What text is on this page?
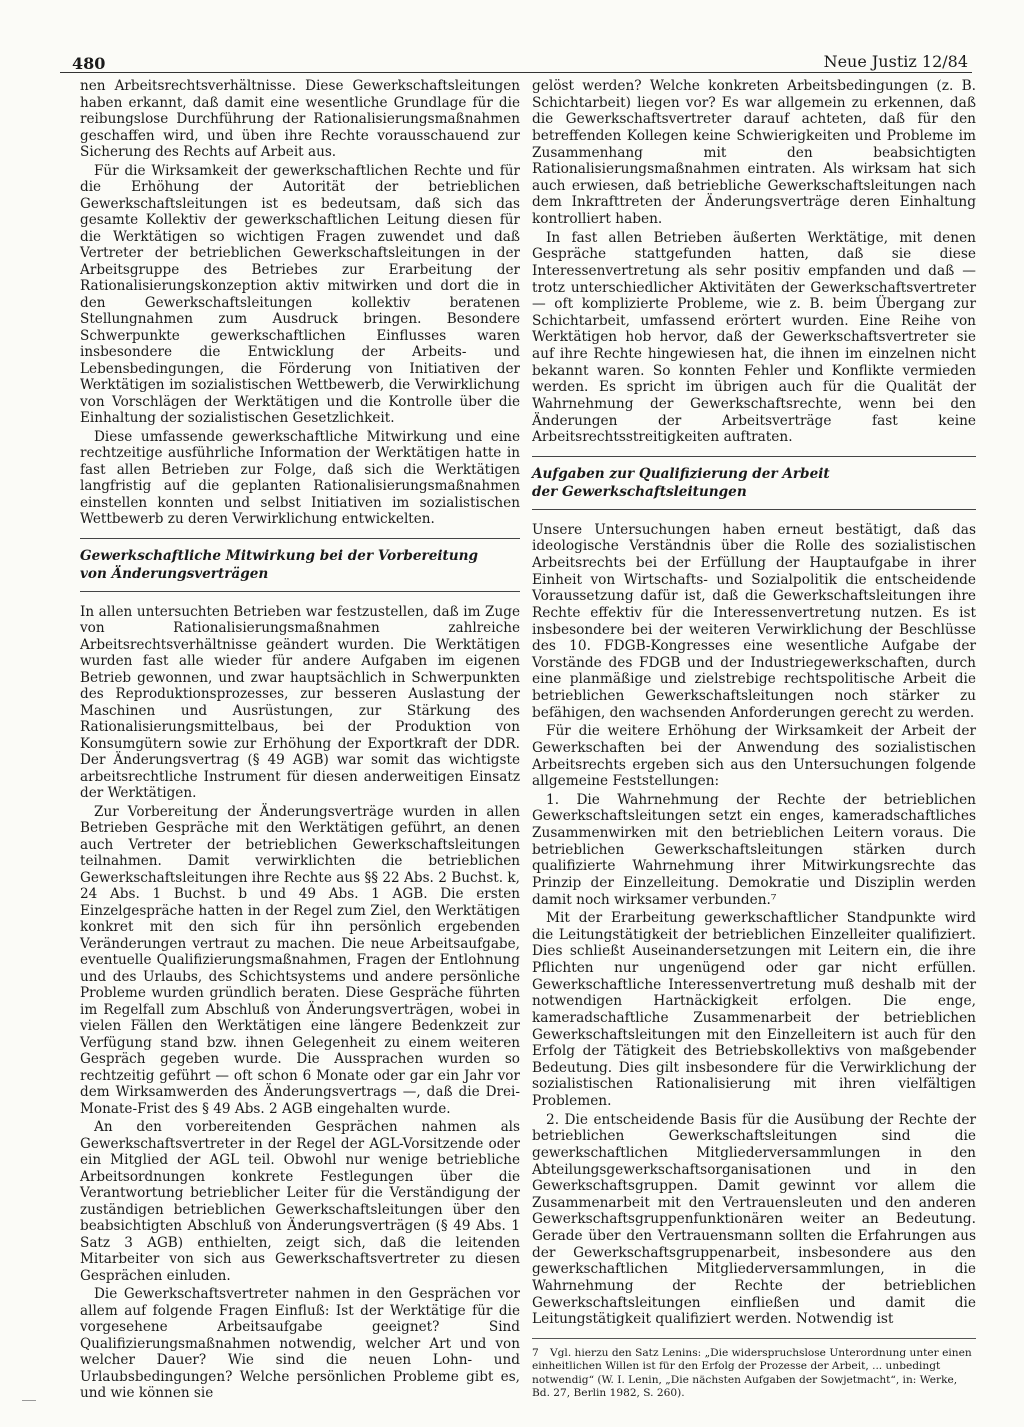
480	Neue Justiz 12/84

nen Arbeitsrechtsverhältnisse. Diese Gewerkschaftsleitungen haben erkannt, daß damit eine wesentliche Grundlage für die reibungslose Durchführung der Rationalisierungsmaßnahmen geschaffen wird, und üben ihre Rechte vorausschauend zur Sicherung des Rechts auf Arbeit aus.

Für die Wirksamkeit der gewerkschaftlichen Rechte und für die Erhöhung der Autorität der betrieblichen Gewerkschaftsleitungen ist es bedeutsam, daß sich das gesamte Kollektiv der gewerkschaftlichen Leitung diesen für die Werktätigen so wichtigen Fragen zuwendet und daß Vertreter der betrieblichen Gewerkschaftsleitungen in der Arbeitsgruppe des Betriebes zur Erarbeitung der Rationalisierungskonzeption aktiv mitwirken und dort die in den Gewerkschaftsleitungen kollektiv beratenen Stellungnahmen zum Ausdruck bringen. Besondere Schwerpunkte gewerkschaftlichen Einflusses waren insbesondere die Entwicklung der Arbeits- und Lebensbedingungen, die Förderung von Initiativen der Werktätigen im sozialistischen Wettbewerb, die Verwirklichung von Vorschlägen der Werktätigen und die Kontrolle über die Einhaltung der sozialistischen Gesetzlichkeit.

Diese umfassende gewerkschaftliche Mitwirkung und eine rechtzeitige ausführliche Information der Werktätigen hatte in fast allen Betrieben zur Folge, daß sich die Werktätigen langfristig auf die geplanten Rationalisierungsmaßnahmen einstellen konnten und selbst Initiativen im sozialistischen Wettbewerb zu deren Verwirklichung entwickelten.

Gewerkschaftliche Mitwirkung bei der Vorbereitung
von Änderungsverträgen

In allen untersuchten Betrieben war festzustellen, daß im Zuge von Rationalisierungsmaßnahmen zahlreiche Arbeitsrechtsverhältnisse geändert wurden. Die Werktätigen wurden fast alle wieder für andere Aufgaben im eigenen Betrieb gewonnen, und zwar hauptsächlich in Schwerpunkten des Reproduktionsprozesses, zur besseren Auslastung der Maschinen und Ausrüstungen, zur Stärkung des Rationalisierungsmittelbaus, bei der Produktion von Konsumgütern sowie zur Erhöhung der Exportkraft der DDR. Der Änderungsvertrag (§ 49 AGB) war somit das wichtigste arbeitsrechtliche Instrument für diesen anderweitigen Einsatz der Werktätigen.

Zur Vorbereitung der Änderungsverträge wurden in allen Betrieben Gespräche mit den Werktätigen geführt, an denen auch Vertreter der betrieblichen Gewerkschaftsleitungen teilnahmen. Damit verwirklichten die betrieblichen Gewerkschaftsleitungen ihre Rechte aus §§ 22 Abs. 2 Buchst. k, 24 Abs. 1 Buchst. b und 49 Abs. 1 AGB. Die ersten Einzelgespräche hatten in der Regel zum Ziel, den Werktätigen konkret mit den sich für ihn persönlich ergebenden Veränderungen vertraut zu machen. Die neue Arbeitsaufgabe, eventuelle Qualifizierungsmaßnahmen, Fragen der Entlohnung und des Urlaubs, des Schichtsystems und andere persönliche Probleme wurden gründlich beraten. Diese Gespräche führten im Regelfall zum Abschluß von Änderungsverträgen, wobei in vielen Fällen den Werktätigen eine längere Bedenkzeit zur Verfügung stand bzw. ihnen Gelegenheit zu einem weiteren Gespräch gegeben wurde. Die Aussprachen wurden so rechtzeitig geführt — oft schon 6 Monate oder gar ein Jahr vor dem Wirksamwerden des Änderungsvertrags —, daß die Drei-Monate-Frist des § 49 Abs. 2 AGB eingehalten wurde.

An den vorbereitenden Gesprächen nahmen als Gewerkschaftsvertreter in der Regel der AGL-Vorsitzende oder ein Mitglied der AGL teil. Obwohl nur wenige betriebliche Arbeitsordnungen konkrete Festlegungen über die Verantwortung betrieblicher Leiter für die Verständigung der zuständigen betrieblichen Gewerkschaftsleitungen über den beabsichtigten Abschluß von Änderungsverträgen (§ 49 Abs. 1 Satz 3 AGB) enthielten, zeigt sich, daß die leitenden Mitarbeiter von sich aus Gewerkschaftsvertreter zu diesen Gesprächen einluden.

Die Gewerkschaftsvertreter nahmen in den Gesprächen vor allem auf folgende Fragen Einfluß: Ist der Werktätige für die vorgesehene Arbeitsaufgabe geeignet? Sind Qualifizierungsmaßnahmen notwendig, welcher Art und von welcher Dauer? Wie sind die neuen Lohn- und Urlaubsbedingungen? Welche persönlichen Probleme gibt es, und wie können sie

gelöst werden? Welche konkreten Arbeitsbedingungen (z. B. Schichtarbeit) liegen vor? Es war allgemein zu erkennen, daß die Gewerkschaftsvertreter darauf achteten, daß für den betreffenden Kollegen keine Schwierigkeiten und Probleme im Zusammenhang mit den beabsichtigten Rationalisierungsmaßnahmen eintraten. Als wirksam hat sich auch erwiesen, daß betriebliche Gewerkschaftsleitungen nach dem Inkrafttreten der Änderungsverträge deren Einhaltung kontrolliert haben.

In fast allen Betrieben äußerten Werktätige, mit denen Gespräche stattgefunden hatten, daß sie diese Interessenvertretung als sehr positiv empfanden und daß — trotz unterschiedlicher Aktivitäten der Gewerkschaftsvertreter — oft komplizierte Probleme, wie z. B. beim Übergang zur Schichtarbeit, umfassend erörtert wurden. Eine Reihe von Werktätigen hob hervor, daß der Gewerkschaftsvertreter sie auf ihre Rechte hingewiesen hat, die ihnen im einzelnen nicht bekannt waren. So konnten Fehler und Konflikte vermieden werden. Es spricht im übrigen auch für die Qualität der Wahrnehmung der Gewerkschaftsrechte, wenn bei den Änderungen der Arbeitsverträge fast keine Arbeitsrechtsstreitigkeiten auftraten.

Aufgaben zur Qualifizierung der Arbeit
der Gewerkschaftsleitungen

Unsere Untersuchungen haben erneut bestätigt, daß das ideologische Verständnis über die Rolle des sozialistischen Arbeitsrechts bei der Erfüllung der Hauptaufgabe in ihrer Einheit von Wirtschafts- und Sozialpolitik die entscheidende Voraussetzung dafür ist, daß die Gewerkschaftsleitungen ihre Rechte effektiv für die Interessenvertretung nutzen. Es ist insbesondere bei der weiteren Verwirklichung der Beschlüsse des 10. FDGB-Kongresses eine wesentliche Aufgabe der Vorstände des FDGB und der Industriegewerkschaften, durch eine planmäßige und zielstrebige rechtspolitische Arbeit die betrieblichen Gewerkschaftsleitungen noch stärker zu befähigen, den wachsenden Anforderungen gerecht zu werden.

Für die weitere Erhöhung der Wirksamkeit der Arbeit der Gewerkschaften bei der Anwendung des sozialistischen Arbeitsrechts ergeben sich aus den Untersuchungen folgende allgemeine Feststellungen:

1. Die Wahrnehmung der Rechte der betrieblichen Gewerkschaftsleitungen setzt ein enges, kameradschaftliches Zusammenwirken mit den betrieblichen Leitern voraus. Die betrieblichen Gewerkschaftsleitungen stärken durch qualifizierte Wahrnehmung ihrer Mitwirkungsrechte das Prinzip der Einzelleitung. Demokratie und Disziplin werden damit noch wirksamer verbunden.⁷

Mit der Erarbeitung gewerkschaftlicher Standpunkte wird die Leitungstätigkeit der betrieblichen Einzelleiter qualifiziert. Dies schließt Auseinandersetzungen mit Leitern ein, die ihre Pflichten nur ungenügend oder gar nicht erfüllen. Gewerkschaftliche Interessenvertretung muß deshalb mit der notwendigen Hartnäckigkeit erfolgen. Die enge, kameradschaftliche Zusammenarbeit der betrieblichen Gewerkschaftsleitungen mit den Einzelleitern ist auch für den Erfolg der Tätigkeit des Betriebskollektivs von maßgebender Bedeutung. Dies gilt insbesondere für die Verwirklichung der sozialistischen Rationalisierung mit ihren vielfältigen Problemen.

2. Die entscheidende Basis für die Ausübung der Rechte der betrieblichen Gewerkschaftsleitungen sind die gewerkschaftlichen Mitgliederversammlungen in den Abteilungsgewerkschaftsorganisationen und in den Gewerkschaftsgruppen. Damit gewinnt vor allem die Zusammenarbeit mit den Vertrauensleuten und den anderen Gewerkschaftsgruppenfunktionären weiter an Bedeutung. Gerade über den Vertrauensmann sollten die Erfahrungen aus der Gewerkschaftsgruppenarbeit, insbesondere aus den gewerkschaftlichen Mitgliederversammlungen, in die Wahrnehmung der Rechte der betrieblichen Gewerkschaftsleitungen einfließen und damit die Leitungstätigkeit qualifiziert werden. Notwendig ist

7 Vgl. hierzu den Satz Lenins: „Die widerspruchslose Unterordnung unter einen einheitlichen Willen ist für den Erfolg der Prozesse der Arbeit, ... unbedingt notwendig“ (W. I. Lenin, „Die nächsten Aufgaben der Sowjetmacht“, in: Werke, Bd. 27, Berlin 1982, S. 260).
